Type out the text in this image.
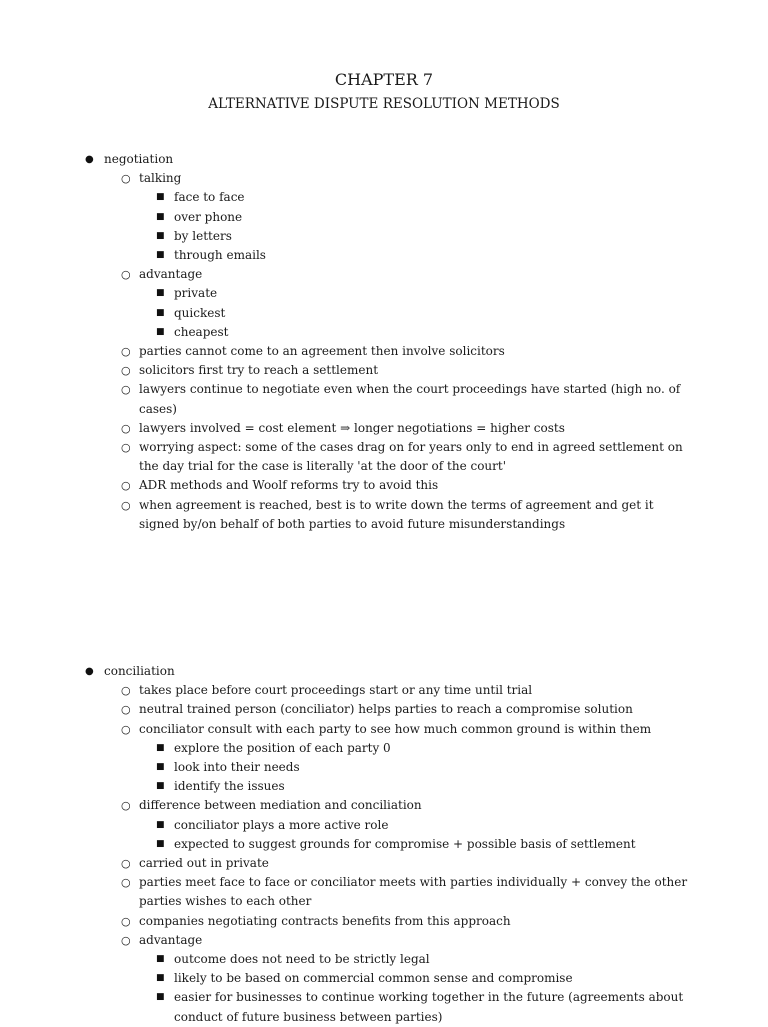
CHAPTER 7
ALTERNATIVE DISPUTE RESOLUTION METHODS
● negotiation
○ talking
■ face to face
■ over phone
■ by letters
■ through emails
○ advantage
■ private
■ quickest
■ cheapest
○ parties cannot come to an agreement then involve solicitors
○ solicitors first try to reach a settlement
○ lawyers continue to negotiate even when the court proceedings have started (high no. of cases)
○ lawyers involved = cost element ⇒ longer negotiations = higher costs
○ worrying aspect: some of the cases drag on for years only to end in agreed settlement on the day trial for the case is literally 'at the door of the court'
○ ADR methods and Woolf reforms try to avoid this
○ when agreement is reached, best is to write down the terms of agreement and get it signed by/on behalf of both parties to avoid future misunderstandings
● conciliation
○ takes place before court proceedings start or any time until trial
○ neutral trained person (conciliator) helps parties to reach a compromise solution
○ conciliator consult with each party to see how much common ground is within them
■ explore the position of each party 0
■ look into their needs
■ identify the issues
○ difference between mediation and conciliation
■ conciliator plays a more active role
■ expected to suggest grounds for compromise + possible basis of settlement
○ carried out in private
○ parties meet face to face or conciliator meets with parties individually + convey the other parties wishes to each other
○ companies negotiating contracts benefits from this approach
○ advantage
■ outcome does not need to be strictly legal
■ likely to be based on commercial common sense and compromise
■ easier for businesses to continue working together in the future (agreements about conduct of future business between parties)
